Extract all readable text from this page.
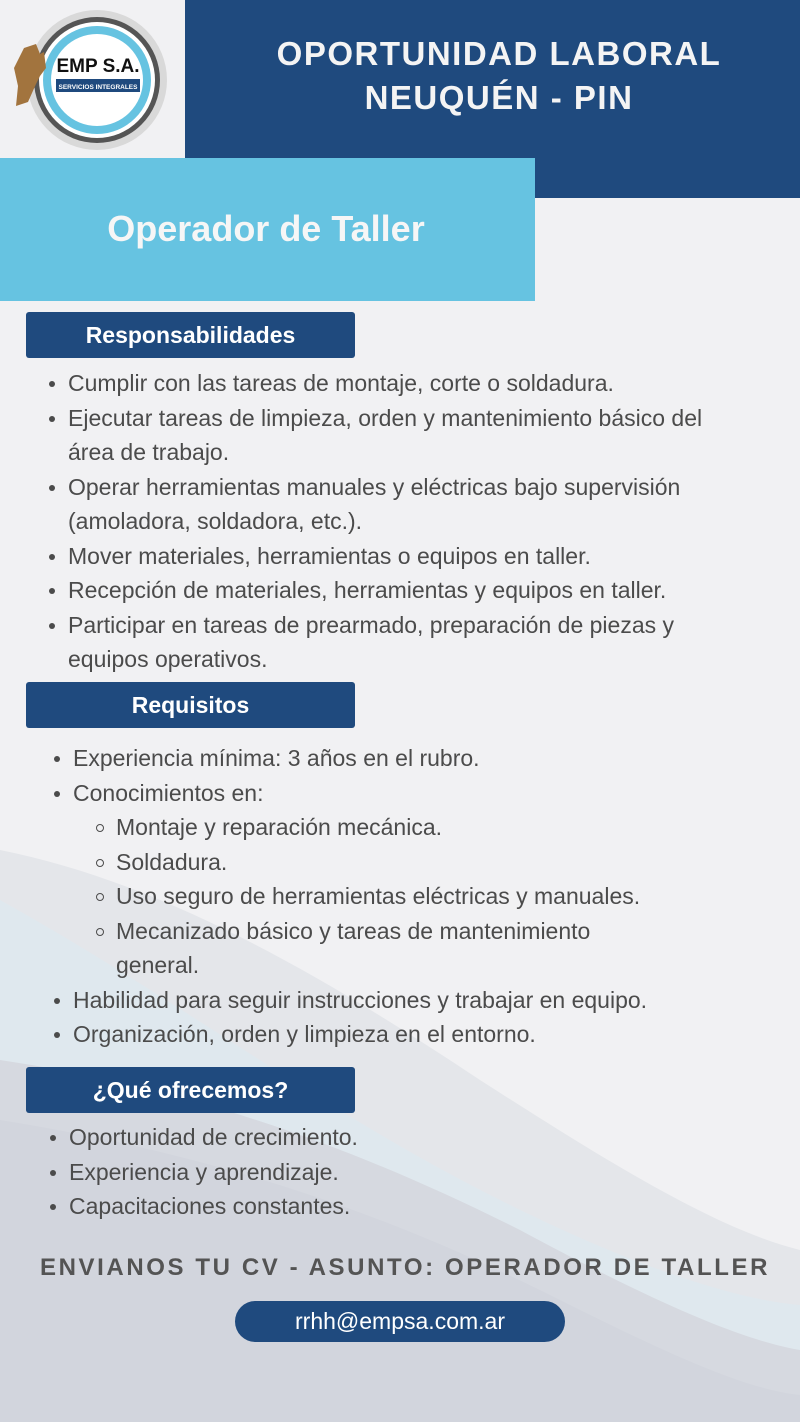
EMP S.A.
SERVICIOS INTEGRALES
OPORTUNIDAD LABORAL
NEUQUÉN - PIN
Operador de Taller
Responsabilidades
Cumplir con las tareas de montaje, corte o soldadura.
Ejecutar tareas de limpieza, orden y mantenimiento básico del área de trabajo.
Operar herramientas manuales y eléctricas bajo supervisión (amoladora, soldadora, etc.).
Mover materiales, herramientas o equipos en taller.
Recepción de materiales, herramientas y equipos en taller.
Participar en tareas de prearmado, preparación de piezas y equipos operativos.
Requisitos
Experiencia mínima: 3 años en el rubro.
Conocimientos en:
Montaje y reparación mecánica.
Soldadura.
Uso seguro de herramientas eléctricas y manuales.
Mecanizado básico y tareas de mantenimiento general.
Habilidad para seguir instrucciones y trabajar en equipo.
Organización, orden y limpieza en el entorno.
¿Qué ofrecemos?
Oportunidad de crecimiento.
Experiencia y aprendizaje.
Capacitaciones constantes.
ENVIANOS TU CV - ASUNTO: OPERADOR DE TALLER
rrhh@empsa.com.ar
